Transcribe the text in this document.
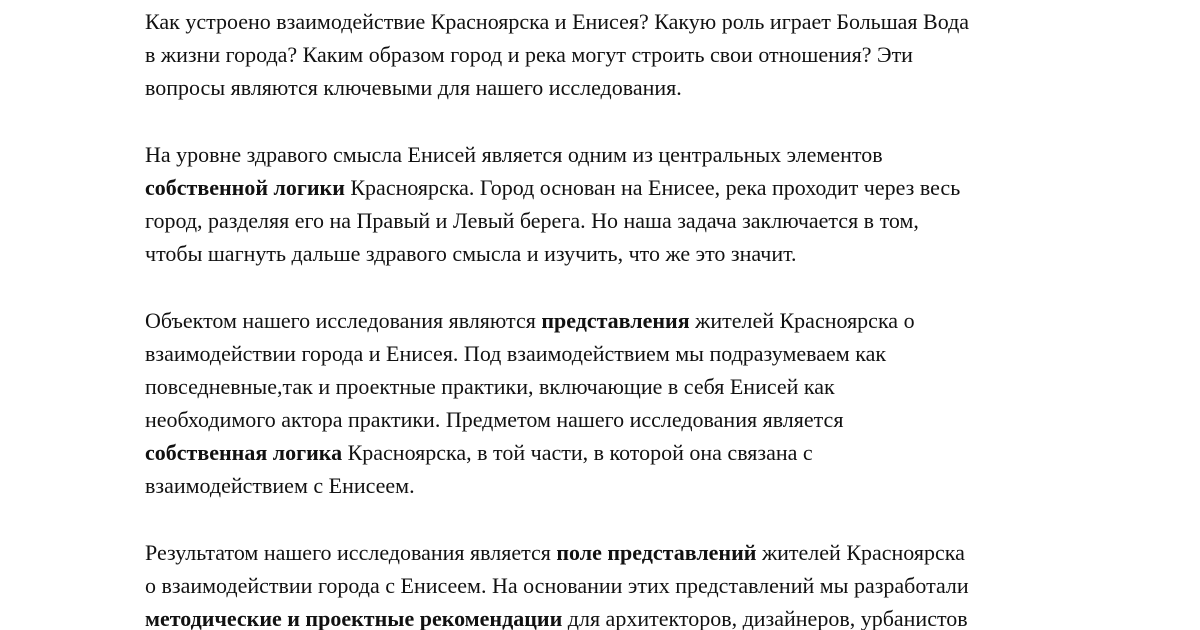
Как устроено взаимодействие Красноярска и Енисея? Какую роль играет Большая Вода

в жизни города? Каким образом город и река могут строить свои отношения? Эти

вопросы являются ключевыми для нашего исследования.

На уровне здравого смысла Енисей является одним из центральных элементов

собственной логики Красноярска. Город основан на Енисее, река проходит через весь

город, разделяя его на Правый и Левый берега. Но наша задача заключается в том,

чтобы шагнуть дальше здравого смысла и изучить, что же это значит.

Объектом нашего исследования являются представления жителей Красноярска о

взаимодействии города и Енисея. Под взаимодействием мы подразумеваем как

повседневные,так и проектные практики, включающие в себя Енисей как

необходимого актора практики. Предметом нашего исследования является

собственная логика Красноярска, в той части, в которой она связана с

взаимодействием с Енисеем.

Результатом нашего исследования является поле представлений жителей Красноярска

о взаимодействии города с Енисеем. На основании этих представлений мы разработали

методические и проектные рекомендации для архитекторов, дизайнеров, урбанистов
